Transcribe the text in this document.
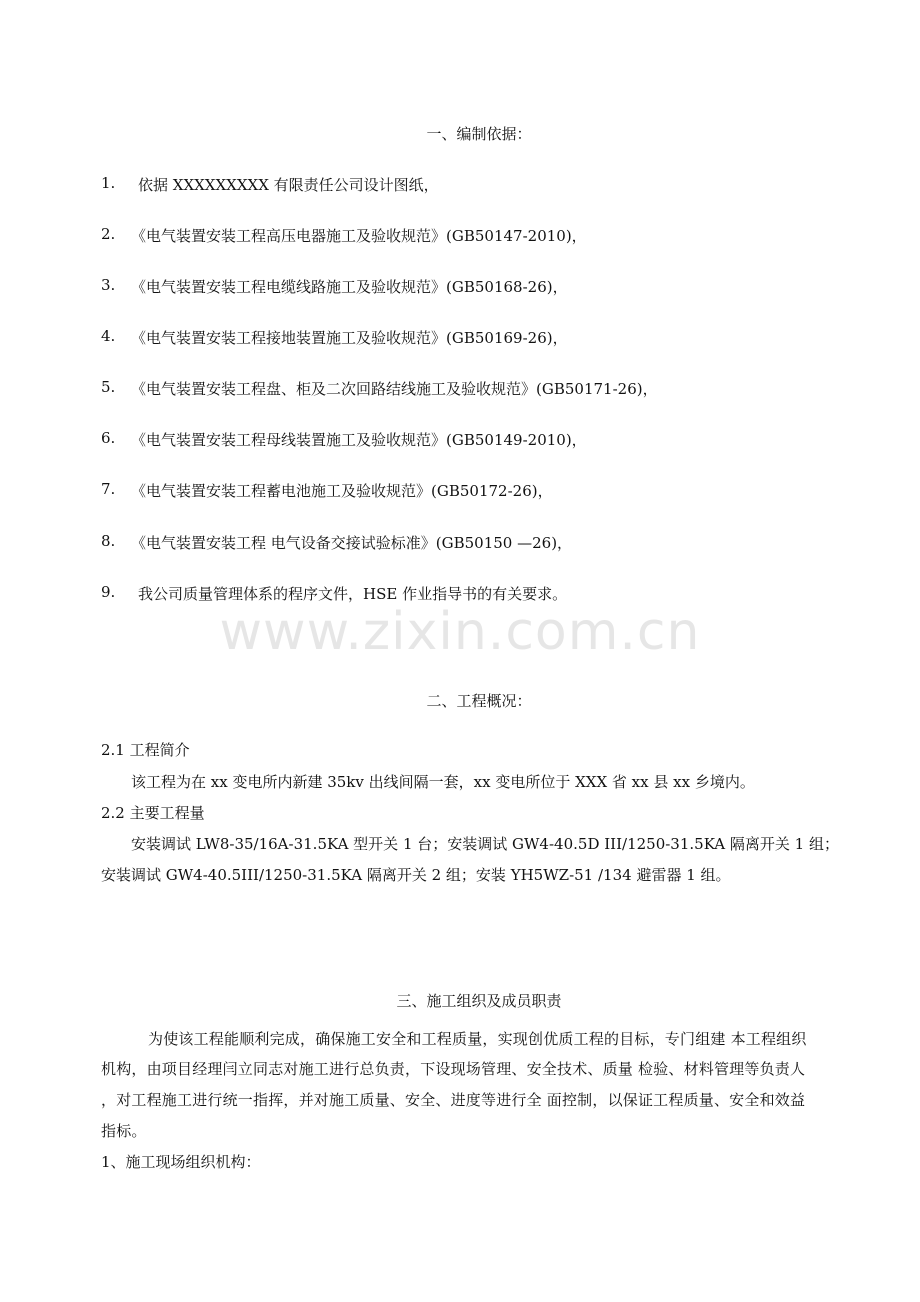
www.zixin.com.cn
一、编制依据：
1. 依据 XXXXXXXXX 有限责任公司设计图纸，
2. 《电气装置安装工程高压电器施工及验收规范》(GB50147-2010)，
3. 《电气装置安装工程电缆线路施工及验收规范》(GB50168-26)，
4. 《电气装置安装工程接地装置施工及验收规范》(GB50169-26)，
5. 《电气装置安装工程盘、柜及二次回路结线施工及验收规范》(GB50171-26)，
6. 《电气装置安装工程母线装置施工及验收规范》(GB50149-2010)，
7. 《电气装置安装工程蓄电池施工及验收规范》(GB50172-26)，
8. 《电气装置安装工程 电气设备交接试验标准》(GB50150 —26)，
9. 我公司质量管理体系的程序文件，HSE 作业指导书的有关要求。
二、工程概况：
2.1 工程简介
该工程为在 xx 变电所内新建 35kv 出线间隔一套，xx 变电所位于 XXX 省 xx 县 xx 乡境内。
2.2 主要工程量
安装调试 LW8-35/16A-31.5KA 型开关 1 台；安装调试 GW4-40.5D III/1250-31.5KA 隔离开关 1 组；
安装调试 GW4-40.5III/1250-31.5KA 隔离开关 2 组；安装 YH5WZ-51 /134 避雷器 1 组。
三、施工组织及成员职责
为使该工程能顺利完成，确保施工安全和工程质量，实现创优质工程的目标，专门组建 本工程组织
机构，由项目经理闫立同志对施工进行总负责，下设现场管理、安全技术、质量 检验、材料管理等负责人
，对工程施工进行统一指挥，并对施工质量、安全、进度等进行全 面控制，以保证工程质量、安全和效益
指标。
1、施工现场组织机构：
